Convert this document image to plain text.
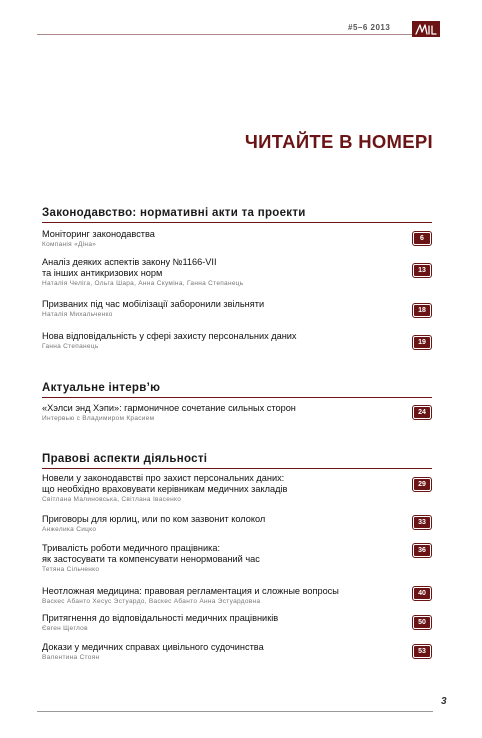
#5–6 2013
ЧИТАЙТЕ В НОМЕРІ
Законодавство: нормативні акти та проекти
Моніторинг законодавства
Компанія «Діна»
6
Аналіз деяких аспектів закону №1166-VII
та інших антикризових норм
Наталія Челіга, Ольга Шара, Анна Скуміна, Ганна Степанець
13
Призвaних під час мобілізації заборонили звільняти
Наталія Михальченко
18
Нова відповідальність у сфері захисту персональних даних
Ганна Степанець
19
Актуальне інтерв’ю
«Хэлси энд Хэпи»: гармоничное сочетание сильных сторон
Интервью с Владимиром Красием
24
Правові аспекти діяльності
Новели у законодавстві про захист персональних даних:
що необхідно враховувати керівникам медичних закладів
Світлана Малиновська, Світлана Івасенко
29
Приговоры для юрлиц, или по ком зазвонит колокол
Анжелика Сицко
33
Тривалість роботи медичного працівника:
як застосувати та компенсувати ненормований час
Тетяна Сільченко
36
Неотложная медицина: правовая регламентация и сложные вопросы
Васкес Абанто Хесус Эстуардо, Васкес Абанто Анна Эстуардовна
40
Притягнення до відповідальності медичних працівників
Євген Щеглов
50
Докази у медичних справах цивільного судочинства
Валентина Стоян
53
3
